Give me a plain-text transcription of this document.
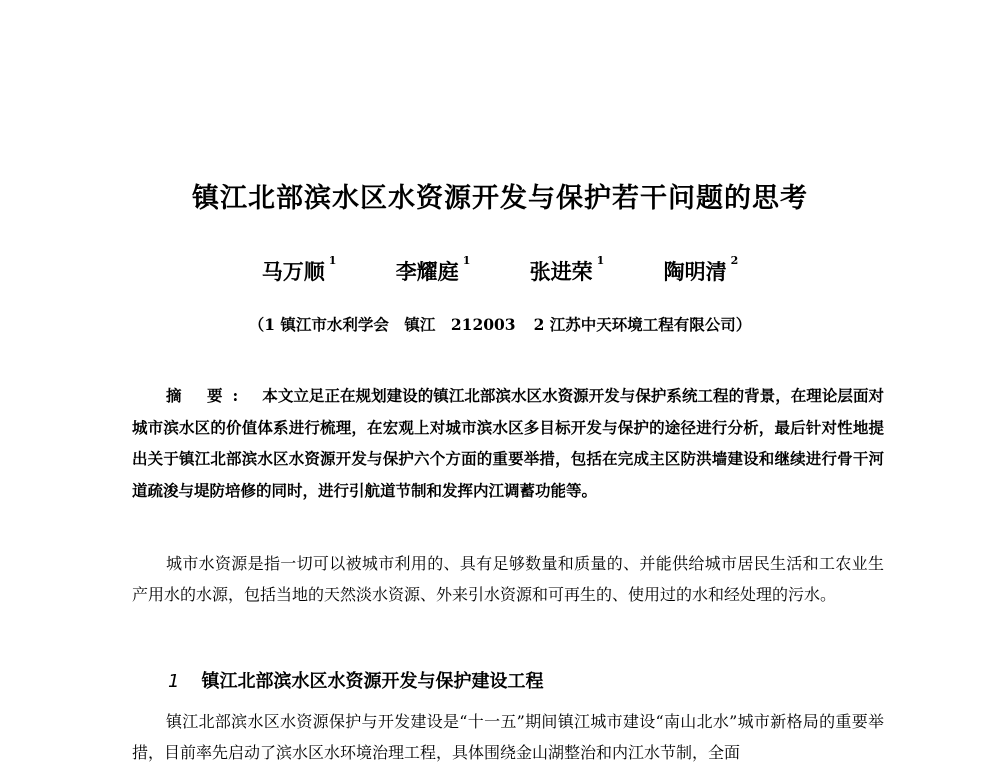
镇江北部滨水区水资源开发与保护若干问题的思考
马万顺 $^1$	李耀庭 $^1$	张进荣 $^1$	陶明清 $^2$
（1 镇江市水利学会　镇江　212003 2 江苏中天环境工程有限公司）
摘 要: 本文立足正在规划建设的镇江北部滨水区水资源开发与保护系统工程的背景，在理论层面对城市滨水区的价值体系进行梳理，在宏观上对城市滨水区多目标开发与保护的途径进行分析，最后针对性地提出关于镇江北部滨水区水资源开发与保护六个方面的重要举措，包括在完成主区防洪墙建设和继续进行骨干河道疏浚与堤防培修的同时，进行引航道节制和发挥内江调蓄功能等。
城市水资源是指一切可以被城市利用的、具有足够数量和质量的、并能供给城市居民生活和工农业生产用水的水源，包括当地的天然淡水资源、外来引水资源和可再生的、使用过的水和经处理的污水。
1 镇江北部滨水区水资源开发与保护建设工程
镇江北部滨水区水资源保护与开发建设是“十一五”期间镇江城市建设“南山北水”城市新格局的重要举措，目前率先启动了滨水区水环境治理工程，具体围绕金山湖整治和内江水节制，全面
